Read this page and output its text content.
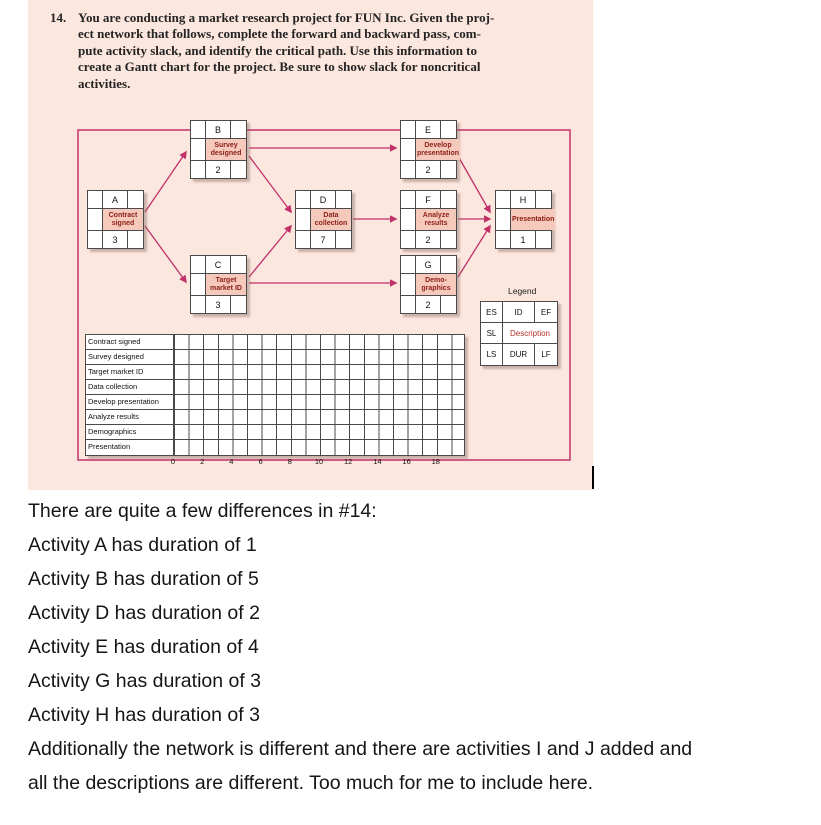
14. You are conducting a market research project for FUN Inc. Given the proj-
ect network that follows, complete the forward and backward pass, com-
pute activity slack, and identify the critical path. Use this information to
create a Gantt chart for the project. Be sure to show slack for noncritical
activities.
A
Contract signed
3
B
Survey designed
2
C
Target market ID
3
D
Data collection
7
E
Develop presentation
2
F
Analyze results
2
G
Demo- graphics
2
H
Presentation
1
Legend
ES	ID	EF
SL	Description
LS	DUR	LF
Contract signed
Survey designed
Target market ID
Data collection
Develop presentation
Analyze results
Demographics
Presentation
0	2	4	6	8	10	12	14	16	18
There are quite a few differences in #14:
Activity A has duration of 1
Activity B has duration of 5
Activity D has duration of 2
Activity E has duration of 4
Activity G has duration of 3
Activity H has duration of 3
Additionally the network is different and there are activities I and J added and all the descriptions are different. Too much for me to include here.
